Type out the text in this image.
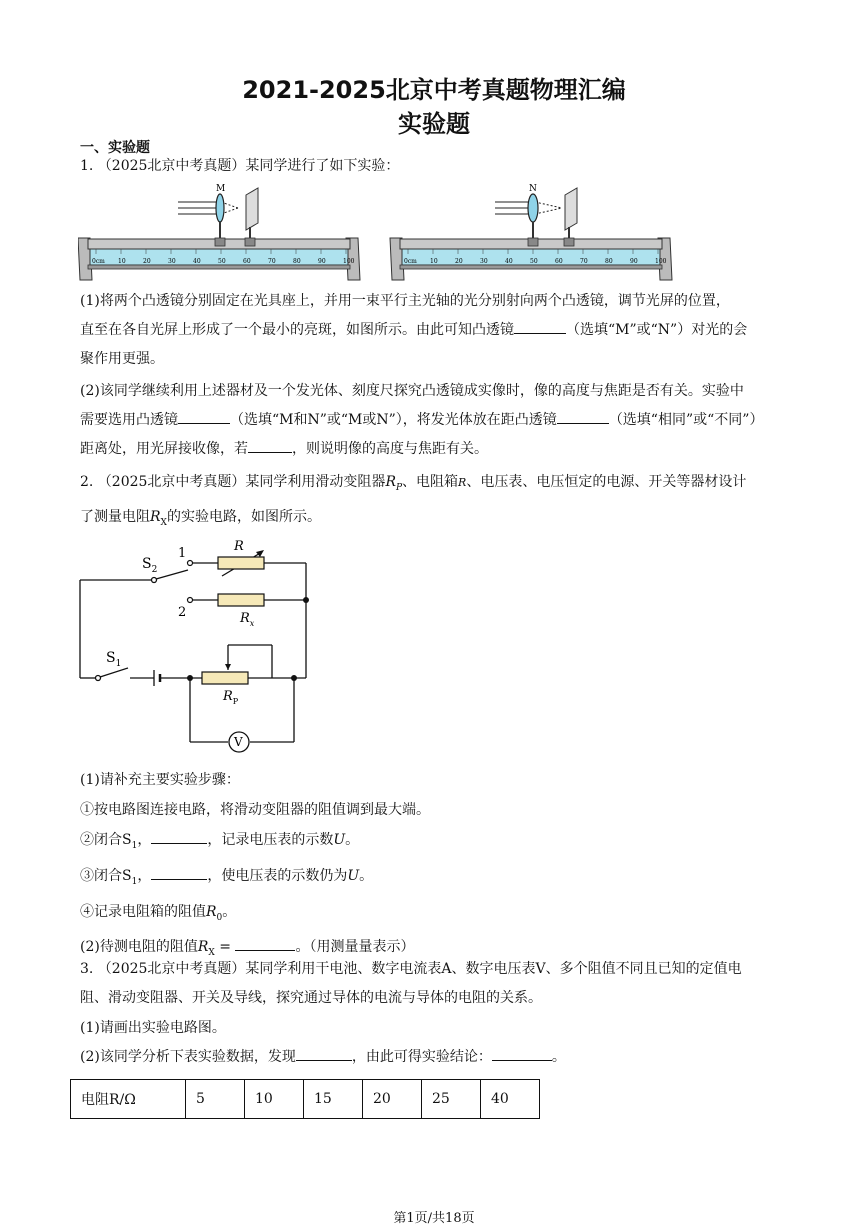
2021-2025北京中考真题物理汇编
实验题
一、实验题
1. （2025北京中考真题）某同学进行了如下实验：
M	N
0cm	0cm
10	20	30	40	50	60	70	80	90	100	10	20	30	40	50	60	70	80	90	100
(1)将两个凸透镜分别固定在光具座上，并用一束平行主光轴的光分别射向两个凸透镜，调节光屏的位置，
直至在各自光屏上形成了一个最小的亮斑，如图所示。由此可知凸透镜	（选填“M”或“N”）对光的会
聚作用更强。
(2)该同学继续利用上述器材及一个发光体、刻度尺探究凸透镜成实像时，像的高度与焦距是否有关。实验中
需要选用凸透镜	（选填“M和N”或“M或N”），将发光体放在距凸透镜	（选填“相同”或“不同”）
距离处，用光屏接收像，若	，则说明像的高度与焦距有关。
2. （2025北京中考真题）某同学利用滑动变阻器$R_P$、电阻箱R、电压表、电压恒定的电源、开关等器材设计
了测量电阻$R_X$的实验电路，如图所示。
$S_2$
1
2
R
$R_x$
$S_1$
$R_P$
V
(1)请补充主要实验步骤：
①按电路图连接电路，将滑动变阻器的阻值调到最大端。
②闭合$S_1$，	，记录电压表的示数U。
③闭合$S_1$，	，使电压表的示数仍为U。
④记录电阻箱的阻值$R_0$。
(2)待测电阻的阻值$R_X$ =	。（用测量量表示）
3. （2025北京中考真题）某同学利用干电池、数字电流表A、数字电压表V、多个阻值不同且已知的定值电
阻、滑动变阻器、开关及导线，探究通过导体的电流与导体的电阻的关系。
(1)请画出实验电路图。
(2)该同学分析下表实验数据，发现	，由此可得实验结论：	。
电阻R/Ω	5	10	15	20	25	40
第1页/共18页
